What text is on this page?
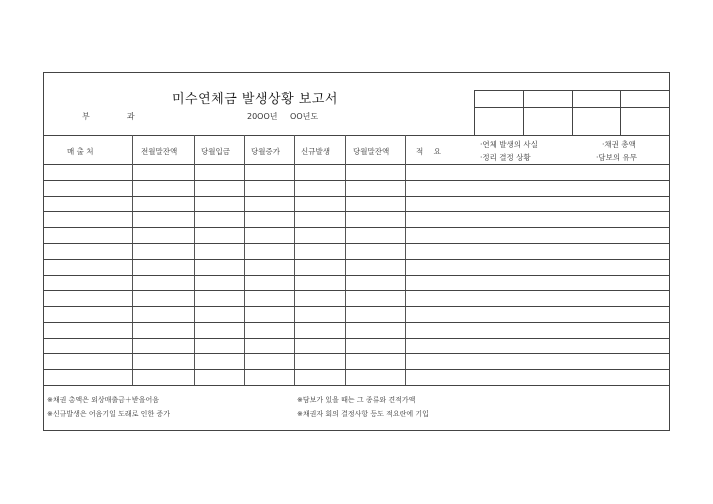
미수연체금 발생상황 보고서
부	과	20OO년 OO년도

매 출 처	전월말잔액	당월입금	당월증가	신규발생	당월말잔액	적 요
·연체 발생의 사실
·정리 결정 상황
·채권 총액
·담보의 유무
※채권 총액은 외상매출금＋받을어음
※신규발생은 어음기일 도래로 인한 증가
※담보가 있을 때는 그 종류와 견적가액
※채권자 회의 결정사항 등도 적요란에 기입
